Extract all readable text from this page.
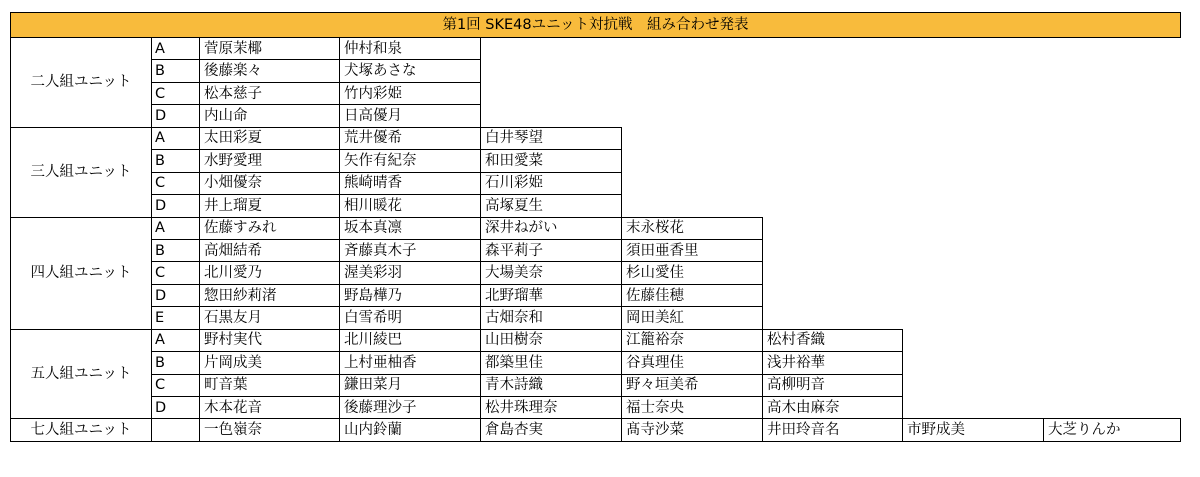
第1回 SKE48ユニット対抗戦　組み合わせ発表								
二人組ユニット	A	菅原茉椰	仲村和泉					
	B	後藤楽々	犬塚あさな					
	C	松本慈子	竹内彩姫					
	D	内山命	日高優月					
三人組ユニット	A	太田彩夏	荒井優希	白井琴望				
	B	水野愛理	矢作有紀奈	和田愛菜				
	C	小畑優奈	熊崎晴香	石川彩姫				
	D	井上瑠夏	相川暖花	高塚夏生				
四人組ユニット	A	佐藤すみれ	坂本真凛	深井ねがい	末永桜花			
	B	高畑結希	斉藤真木子	森平莉子	須田亜香里			
	C	北川愛乃	渥美彩羽	大場美奈	杉山愛佳			
	D	惣田紗莉渚	野島樺乃	北野瑠華	佐藤佳穂			
	E	石黒友月	白雪希明	古畑奈和	岡田美紅			
五人組ユニット	A	野村実代	北川綾巴	山田樹奈	江籠裕奈	松村香織		
	B	片岡成美	上村亜柚香	都築里佳	谷真理佳	浅井裕華		
	C	町音葉	鎌田菜月	青木詩織	野々垣美希	高柳明音		
	D	木本花音	後藤理沙子	松井珠理奈	福士奈央	高木由麻奈		
七人組ユニット		一色嶺奈	山内鈴蘭	倉島杏実	髙寺沙菜	井田玲音名	市野成美	大芝りんか
